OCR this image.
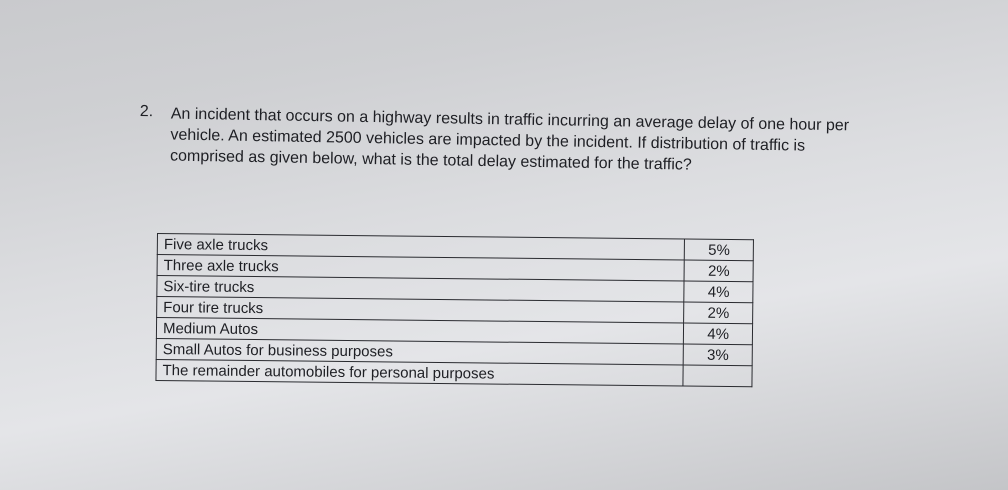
2. An incident that occurs on a highway results in traffic incurring an average delay of one hour per
vehicle. An estimated 2500 vehicles are impacted by the incident. If distribution of traffic is
comprised as given below, what is the total delay estimated for the traffic?
Five axle trucks	5%
Three axle trucks	2%
Six-tire trucks	4%
Four tire trucks	2%
Medium Autos	4%
Small Autos for business purposes	3%
The remainder automobiles for personal purposes	
